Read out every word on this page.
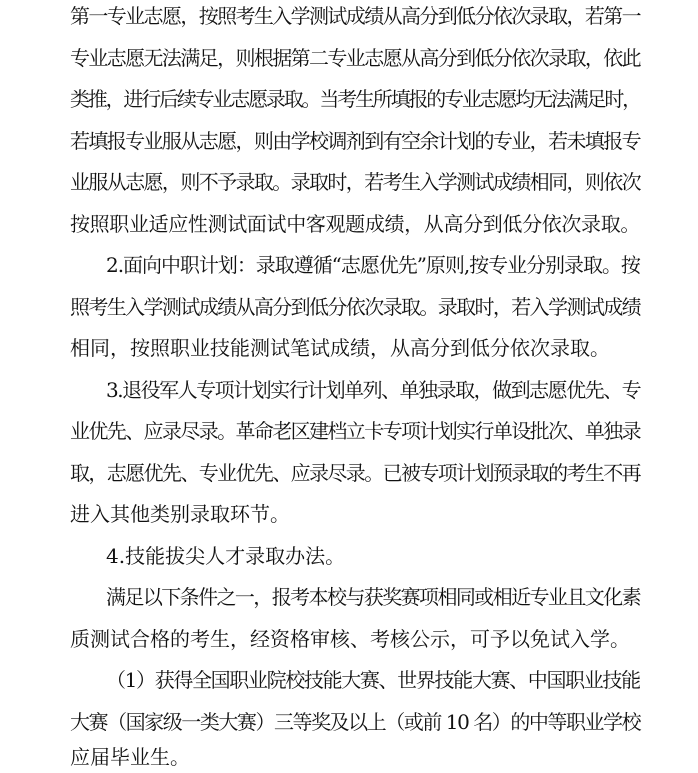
第一专业志愿，按照考生入学测试成绩从高分到低分依次录取，若第一
专业志愿无法满足，则根据第二专业志愿从高分到低分依次录取，依此
类推，进行后续专业志愿录取。当考生所填报的专业志愿均无法满足时，
若填报专业服从志愿，则由学校调剂到有空余计划的专业，若未填报专
业服从志愿，则不予录取。录取时，若考生入学测试成绩相同，则依次
按照职业适应性测试面试中客观题成绩，从高分到低分依次录取。
2.面向中职计划：录取遵循“志愿优先”原则,按专业分别录取。按
照考生入学测试成绩从高分到低分依次录取。录取时，若入学测试成绩
相同，按照职业技能测试笔试成绩，从高分到低分依次录取。
3.退役军人专项计划实行计划单列、单独录取，做到志愿优先、专
业优先、应录尽录。革命老区建档立卡专项计划实行单设批次、单独录
取，志愿优先、专业优先、应录尽录。已被专项计划预录取的考生不再
进入其他类别录取环节。
4.技能拔尖人才录取办法。
满足以下条件之一，报考本校与获奖赛项相同或相近专业且文化素
质测试合格的考生，经资格审核、考核公示，可予以免试入学。
（1）获得全国职业院校技能大赛、世界技能大赛、中国职业技能
大赛（国家级一类大赛）三等奖及以上（或前 10 名）的中等职业学校
应届毕业生。
